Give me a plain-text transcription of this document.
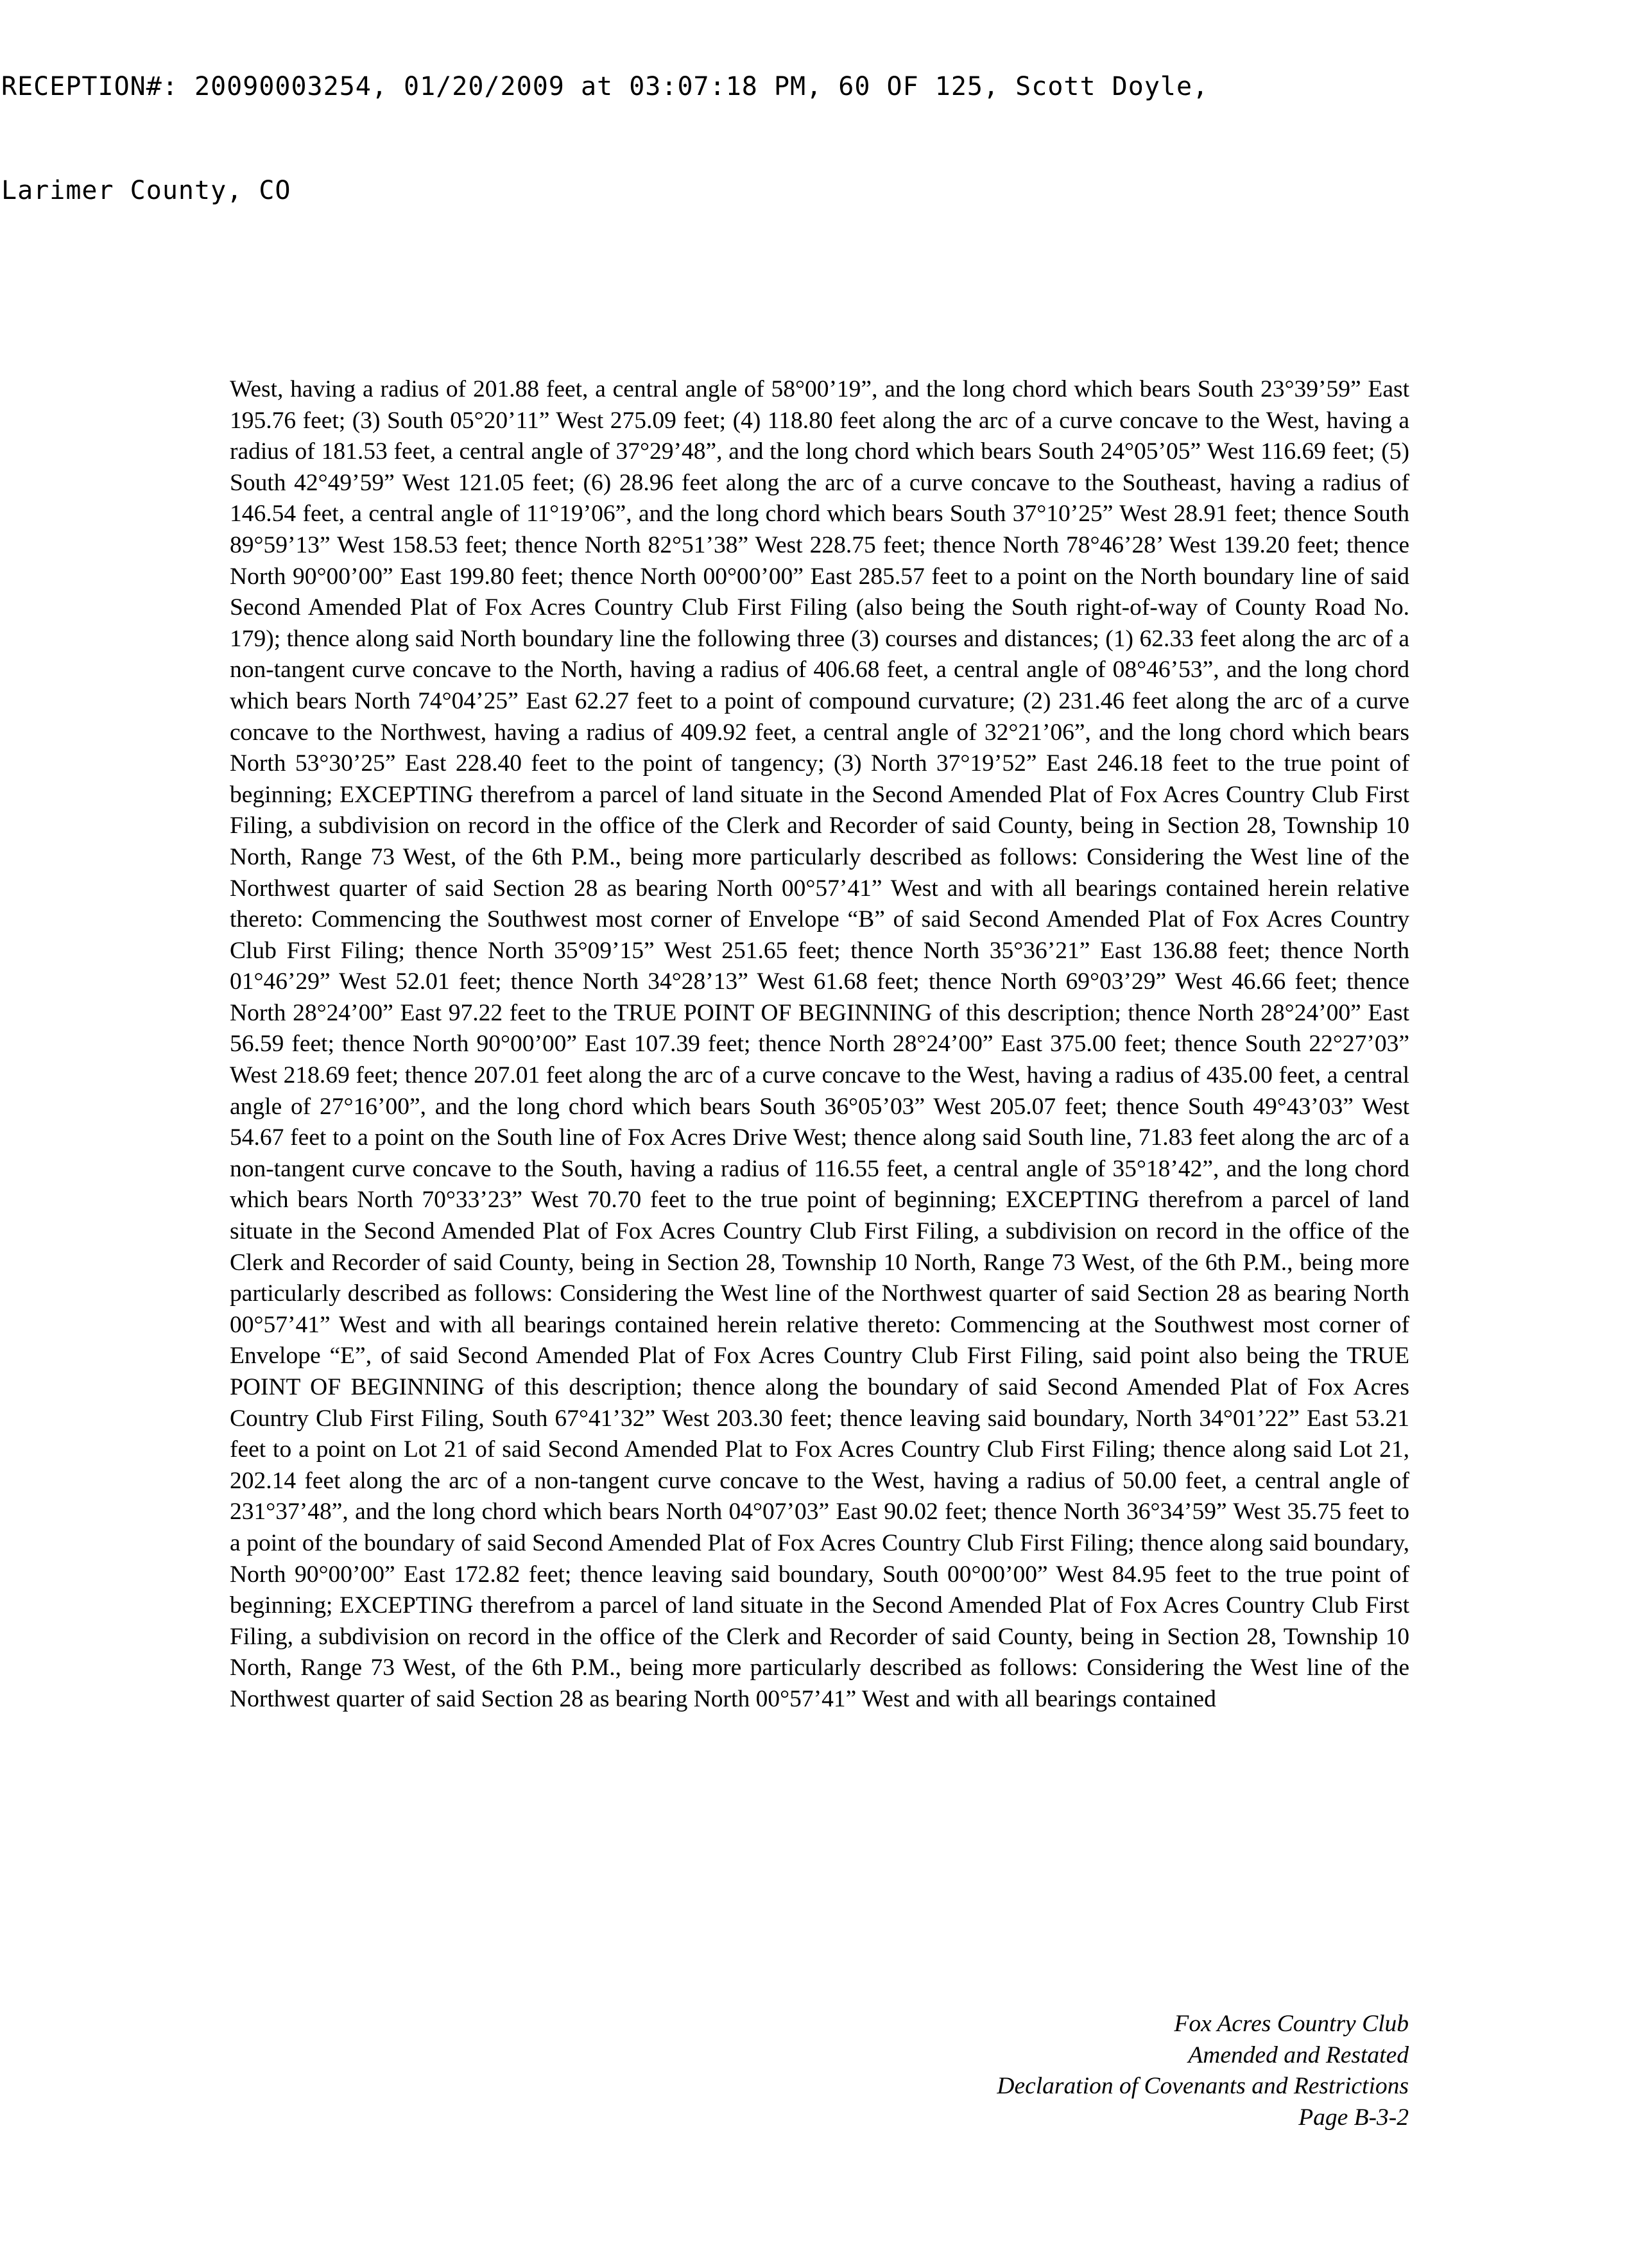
RECEPTION#: 20090003254, 01/20/2009 at 03:07:18 PM, 60 OF 125, Scott Doyle,

Larimer County, CO

West, having a radius of 201.88 feet, a central angle of 58°00’19”, and the long chord which bears South 23°39’59” East 195.76 feet; (3) South 05°20’11” West 275.09 feet; (4) 118.80 feet along the arc of a curve concave to the West, having a radius of 181.53 feet, a central angle of 37°29’48”, and the long chord which bears South 24°05’05” West 116.69 feet; (5) South 42°49’59” West 121.05 feet; (6) 28.96 feet along the arc of a curve concave to the Southeast, having a radius of 146.54 feet, a central angle of 11°19’06”, and the long chord which bears South 37°10’25” West 28.91 feet; thence South 89°59’13” West 158.53 feet; thence North 82°51’38” West 228.75 feet; thence North 78°46’28’ West 139.20 feet; thence North 90°00’00” East 199.80 feet; thence North 00°00’00” East 285.57 feet to a point on the North boundary line of said Second Amended Plat of Fox Acres Country Club First Filing (also being the South right-of-way of County Road No. 179); thence along said North boundary line the following three (3) courses and distances; (1) 62.33 feet along the arc of a non-tangent curve concave to the North, having a radius of 406.68 feet, a central angle of 08°46’53”, and the long chord which bears North 74°04’25” East 62.27 feet to a point of compound curvature; (2) 231.46 feet along the arc of a curve concave to the Northwest, having a radius of 409.92 feet, a central angle of 32°21’06”, and the long chord which bears North 53°30’25” East 228.40 feet to the point of tangency; (3) North 37°19’52” East 246.18 feet to the true point of beginning; EXCEPTING therefrom a parcel of land situate in the Second Amended Plat of Fox Acres Country Club First Filing, a subdivision on record in the office of the Clerk and Recorder of said County, being in Section 28, Township 10 North, Range 73 West, of the 6th P.M., being more particularly described as follows: Considering the West line of the Northwest quarter of said Section 28 as bearing North 00°57’41” West and with all bearings contained herein relative thereto: Commencing the Southwest most corner of Envelope “B” of said Second Amended Plat of Fox Acres Country Club First Filing; thence North 35°09’15” West 251.65 feet; thence North 35°36’21” East 136.88 feet; thence North 01°46’29” West 52.01 feet; thence North 34°28’13” West 61.68 feet; thence North 69°03’29” West 46.66 feet; thence North 28°24’00” East 97.22 feet to the TRUE POINT OF BEGINNING of this description; thence North 28°24’00” East 56.59 feet; thence North 90°00’00” East 107.39 feet; thence North 28°24’00” East 375.00 feet; thence South 22°27’03” West 218.69 feet; thence 207.01 feet along the arc of a curve concave to the West, having a radius of 435.00 feet, a central angle of 27°16’00”, and the long chord which bears South 36°05’03” West 205.07 feet; thence South 49°43’03” West 54.67 feet to a point on the South line of Fox Acres Drive West; thence along said South line, 71.83 feet along the arc of a non-tangent curve concave to the South, having a radius of 116.55 feet, a central angle of 35°18’42”, and the long chord which bears North 70°33’23” West 70.70 feet to the true point of beginning; EXCEPTING therefrom a parcel of land situate in the Second Amended Plat of Fox Acres Country Club First Filing, a subdivision on record in the office of the Clerk and Recorder of said County, being in Section 28, Township 10 North, Range 73 West, of the 6th P.M., being more particularly described as follows: Considering the West line of the Northwest quarter of said Section 28 as bearing North 00°57’41” West and with all bearings contained herein relative thereto: Commencing at the Southwest most corner of Envelope “E”, of said Second Amended Plat of Fox Acres Country Club First Filing, said point also being the TRUE POINT OF BEGINNING of this description; thence along the boundary of said Second Amended Plat of Fox Acres Country Club First Filing, South 67°41’32” West 203.30 feet; thence leaving said boundary, North 34°01’22” East 53.21 feet to a point on Lot 21 of said Second Amended Plat to Fox Acres Country Club First Filing; thence along said Lot 21, 202.14 feet along the arc of a non-tangent curve concave to the West, having a radius of 50.00 feet, a central angle of 231°37’48”, and the long chord which bears North 04°07’03” East 90.02 feet; thence North 36°34’59” West 35.75 feet to a point of the boundary of said Second Amended Plat of Fox Acres Country Club First Filing; thence along said boundary, North 90°00’00” East 172.82 feet; thence leaving said boundary, South 00°00’00” West 84.95 feet to the true point of beginning; EXCEPTING therefrom a parcel of land situate in the Second Amended Plat of Fox Acres Country Club First Filing, a subdivision on record in the office of the Clerk and Recorder of said County, being in Section 28, Township 10 North, Range 73 West, of the 6th P.M., being more particularly described as follows: Considering the West line of the Northwest quarter of said Section 28 as bearing North 00°57’41” West and with all bearings contained

Fox Acres Country Club
Amended and Restated
Declaration of Covenants and Restrictions
Page B-3-2
